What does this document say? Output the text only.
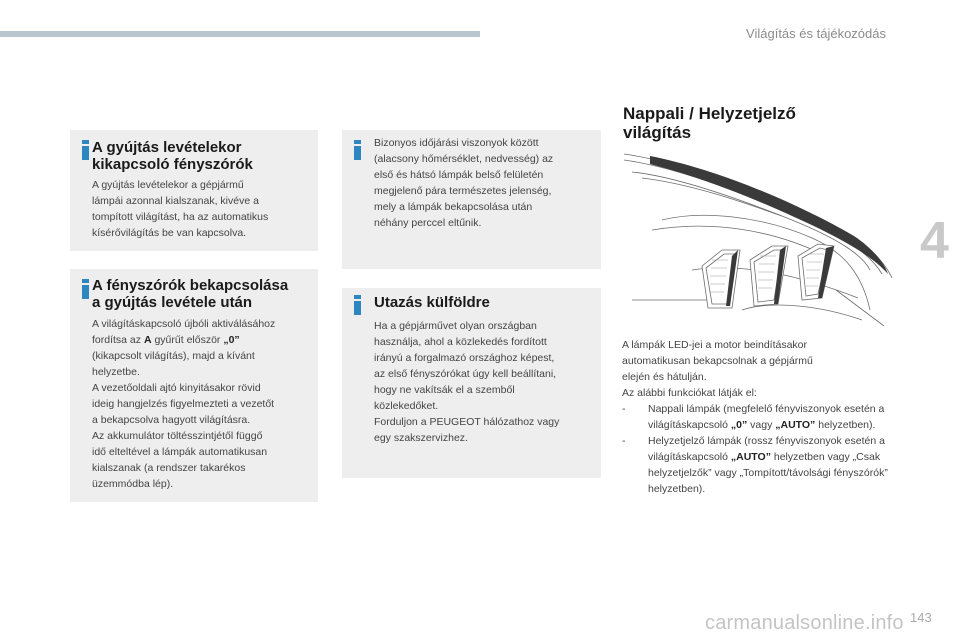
Világítás és tájékozódás
4
143
carmanualsonline.info
A gyújtás levételekor
kikapcsoló fényszórók

A gyújtás levételekor a gépjármű
lámpái azonnal kialszanak, kivéve a
tompított világítást, ha az automatikus
kísérővilágítás be van kapcsolva.

Bizonyos időjárási viszonyok között
(alacsony hőmérséklet, nedvesség) az
első és hátsó lámpák belső felületén
megjelenő pára természetes jelenség,
mely a lámpák bekapcsolása után
néhány perccel eltűnik.

A fényszórók bekapcsolása
a gyújtás levétele után

A világításkapcsoló újbóli aktiválásához
fordítsa az A gyűrűt először „0”
(kikapcsolt világítás), majd a kívánt
helyzetbe.
A vezetőoldali ajtó kinyitásakor rövid
ideig hangjelzés figyelmezteti a vezetőt
a bekapcsolva hagyott világításra.
Az akkumulátor töltésszintjétől függő
idő elteltével a lámpák automatikusan
kialszanak (a rendszer takarékos
üzemmódba lép).

Utazás külföldre

Ha a gépjárművet olyan országban
használja, ahol a közlekedés fordított
irányú a forgalmazó országhoz képest,
az első fényszórókat úgy kell beállítani,
hogy ne vakítsák el a szemből
közlekedőket.
Forduljon a PEUGEOT hálózathoz vagy
egy szakszervizhez.

Nappali / Helyzetjelző
világítás

A lámpák LED-jei a motor beindításakor
automatikusan bekapcsolnak a gépjármű
elején és hátulján.
Az alábbi funkciókat látják el:

- Nappali lámpák (megfelelő fényviszonyok esetén a világításkapcsoló „0” vagy „AUTO” helyzetben).
- Helyzetjelző lámpák (rossz fényviszonyok esetén a világításkapcsoló „AUTO” helyzetben vagy „Csak helyzetjelzők” vagy „Tompított/távolsági fényszórók” helyzetben).
